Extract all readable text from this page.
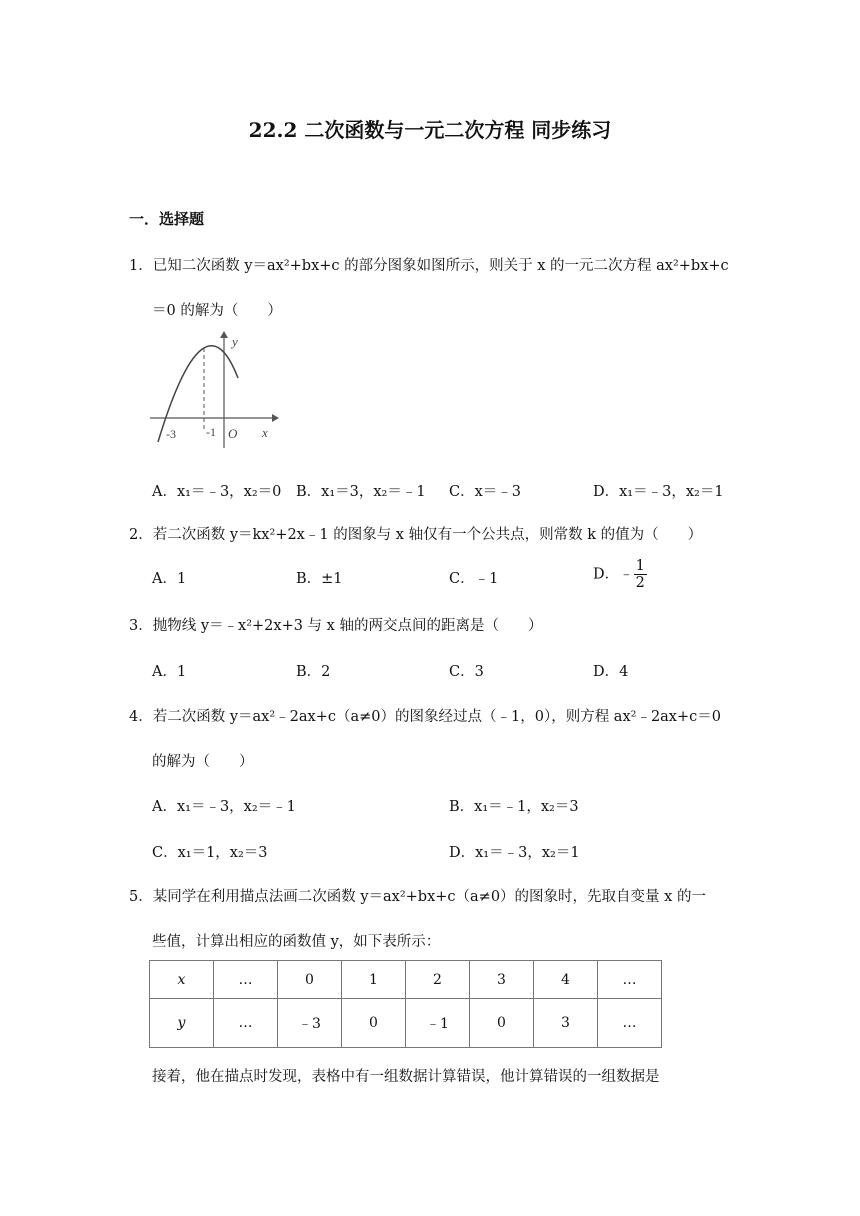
22.2 二次函数与一元二次方程 同步练习
一．选择题
1．已知二次函数 y＝ax²+bx+c 的部分图象如图所示，则关于 x 的一元二次方程 ax²+bx+c
＝0 的解为（　　）
y
x
-3	-1 O
A．x₁＝﹣3，x₂＝0 B．x₁＝3，x₂＝﹣1 C．x＝﹣3	D．x₁＝﹣3，x₂＝1
2．若二次函数 y＝kx²+2x﹣1 的图象与 x 轴仅有一个公共点，则常数 k 的值为（　　）
A．1	B．±1	C．﹣1	D．﹣ $\frac{1}{2}$
3．抛物线 y＝﹣x²+2x+3 与 x 轴的两交点间的距离是（　　）
A．1	B．2	C．3	D．4
4．若二次函数 y＝ax²﹣2ax+c（a≠0）的图象经过点（﹣1，0），则方程 ax²﹣2ax+c＝0
的解为（　　）
A．x₁＝﹣3，x₂＝﹣1	B．x₁＝﹣1，x₂＝3
C．x₁＝1，x₂＝3	D．x₁＝﹣3，x₂＝1
5．某同学在利用描点法画二次函数 y＝ax²+bx+c（a≠0）的图象时，先取自变量 x 的一
些值，计算出相应的函数值 y，如下表所示：
x	…	0	1	2	3	4	…
y	…	﹣3	0	﹣1	0	3	…
接着，他在描点时发现，表格中有一组数据计算错误，他计算错误的一组数据是
